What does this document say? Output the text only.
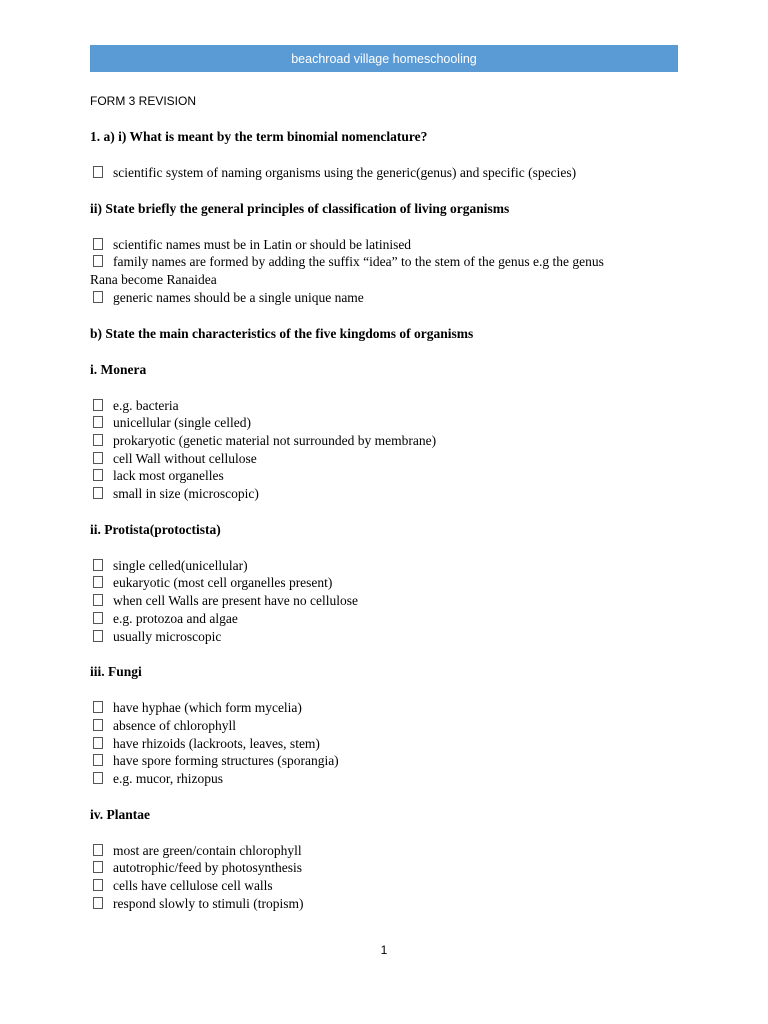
beachroad village homeschooling

FORM 3 REVISION

1. a) i) What is meant by the term binomial nomenclature?

scientific system of naming organisms using the generic(genus) and specific (species)

ii) State briefly the general principles of classification of living organisms

scientific names must be in Latin or should be latinised
family names are formed by adding the suffix “idea” to the stem of the genus e.g the genus
Rana become Ranaidea
generic names should be a single unique name

b) State the main characteristics of the five kingdoms of organisms

i. Monera

e.g. bacteria
unicellular (single celled)
prokaryotic (genetic material not surrounded by membrane)
cell Wall without cellulose
lack most organelles
small in size (microscopic)

ii. Protista(protoctista)

single celled(unicellular)
eukaryotic (most cell organelles present)
when cell Walls are present have no cellulose
e.g. protozoa and algae
usually microscopic

iii. Fungi

have hyphae (which form mycelia)
absence of chlorophyll
have rhizoids (lackroots, leaves, stem)
have spore forming structures (sporangia)
e.g. mucor, rhizopus

iv. Plantae

most are green/contain chlorophyll
autotrophic/feed by photosynthesis
cells have cellulose cell walls
respond slowly to stimuli (tropism)
1
